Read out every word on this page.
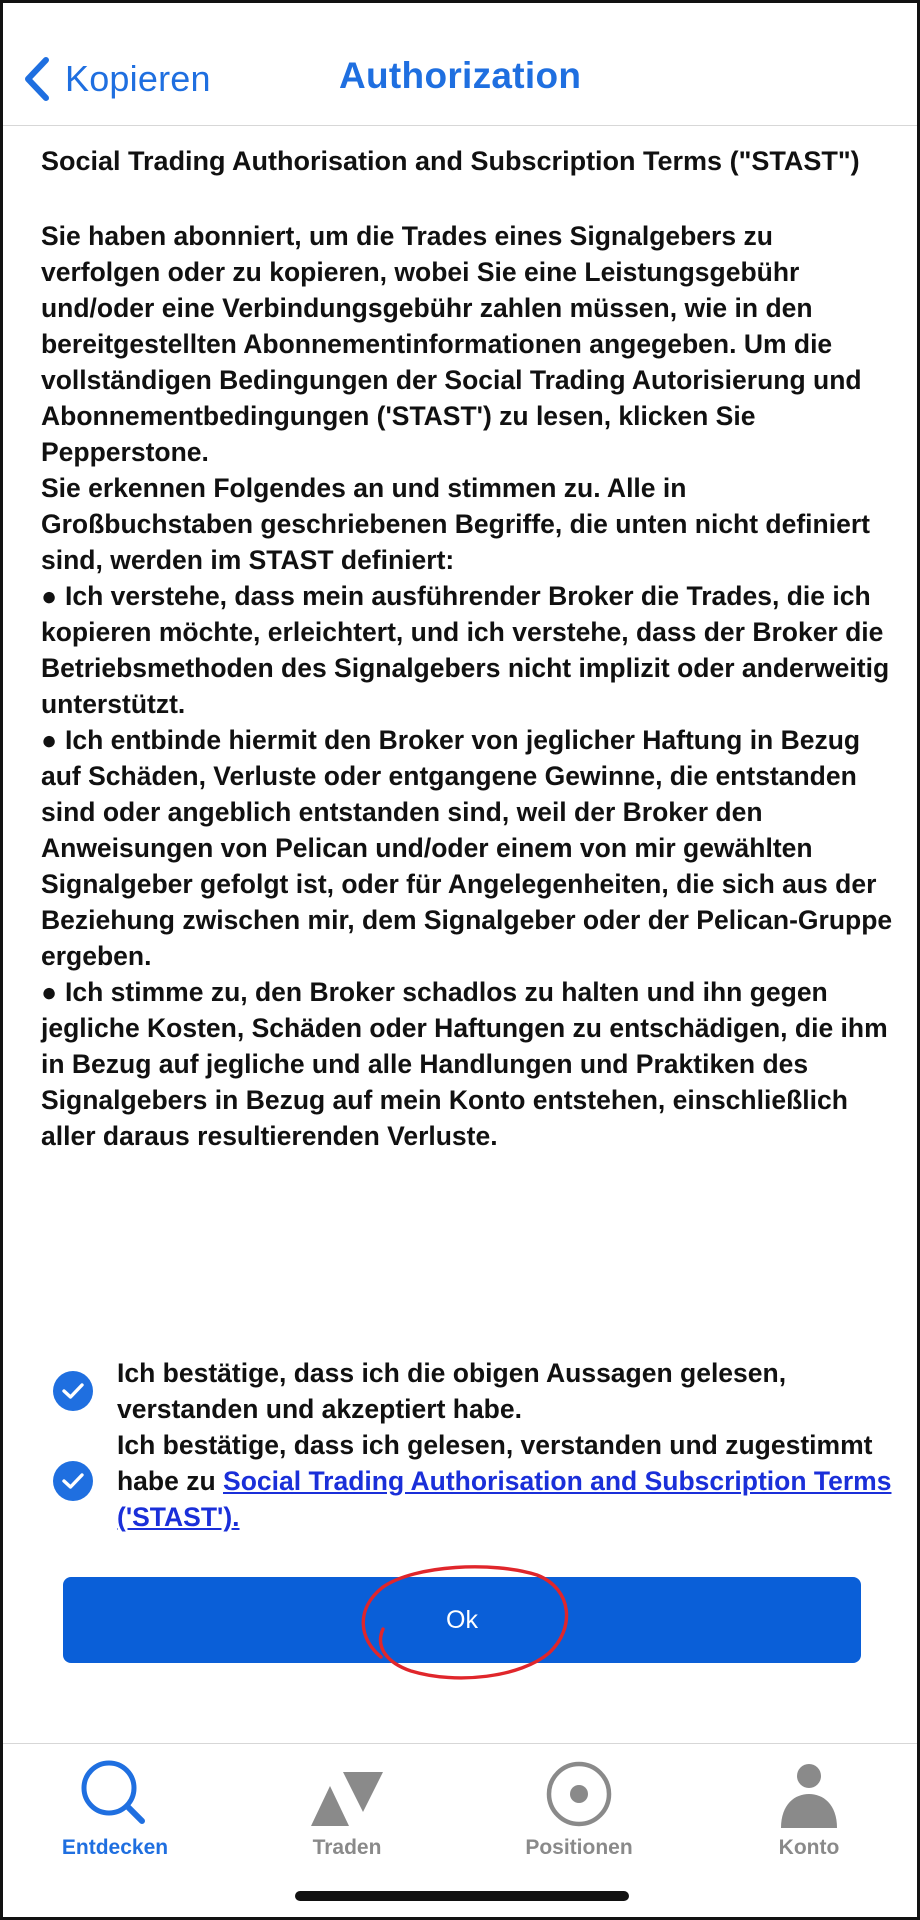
Kopieren	Authorization
Social Trading Authorisation and Subscription Terms ("STAST")

Sie haben abonniert, um die Trades eines Signalgebers zu verfolgen oder zu kopieren, wobei Sie eine Leistungsgebühr und/oder eine Verbindungsgebühr zahlen müssen, wie in den bereitgestellten Abonnementinformationen angegeben. Um die vollständigen Bedingungen der Social Trading Autorisierung und Abonnementbedingungen ('STAST') zu lesen, klicken Sie Pepperstone.

Sie erkennen Folgendes an und stimmen zu. Alle in Großbuchstaben geschriebenen Begriffe, die unten nicht definiert sind, werden im STAST definiert:

● Ich verstehe, dass mein ausführender Broker die Trades, die ich kopieren möchte, erleichtert, und ich verstehe, dass der Broker die Betriebsmethoden des Signalgebers nicht implizit oder anderweitig unterstützt.

● Ich entbinde hiermit den Broker von jeglicher Haftung in Bezug auf Schäden, Verluste oder entgangene Gewinne, die entstanden sind oder angeblich entstanden sind, weil der Broker den Anweisungen von Pelican und/oder einem von mir gewählten Signalgeber gefolgt ist, oder für Angelegenheiten, die sich aus der Beziehung zwischen mir, dem Signalgeber oder der Pelican-Gruppe ergeben.

● Ich stimme zu, den Broker schadlos zu halten und ihn gegen jegliche Kosten, Schäden oder Haftungen zu entschädigen, die ihm in Bezug auf jegliche und alle Handlungen und Praktiken des Signalgebers in Bezug auf mein Konto entstehen, einschließlich aller daraus resultierenden Verluste.

Ich bestätige, dass ich die obigen Aussagen gelesen, verstanden und akzeptiert habe.
Ich bestätige, dass ich gelesen, verstanden und zugestimmt habe zu Social Trading Authorisation and Subscription Terms ('STAST').
Ok
Entdecken	Traden	Positionen	Konto
